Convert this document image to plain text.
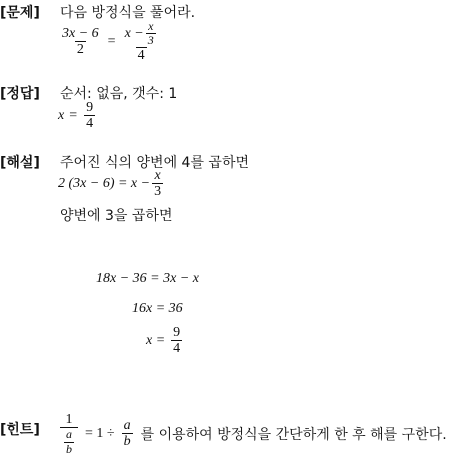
[문제] 다음 방정식을 풀어라.
$\frac{3x - 6}{2} = \frac{x - \frac{x}{3}}{4}$
[정답] 순서: 없음, 갯수: 1
$x = \frac{9}{4}$
[해설] 주어진 식의 양변에 4를 곱하면
2 $(3x - 6) = x - \frac{x}{3}$
양변에 3을 곱하면
18x − 36 = 3x − x
16x = 36
$x = \frac{9}{4}$
[힌트] $\frac{1}{\frac{a}{b}} = 1 \div \frac{a}{b}$ 를 이용하여 방정식을 간단하게 한 후 해를 구한다.
